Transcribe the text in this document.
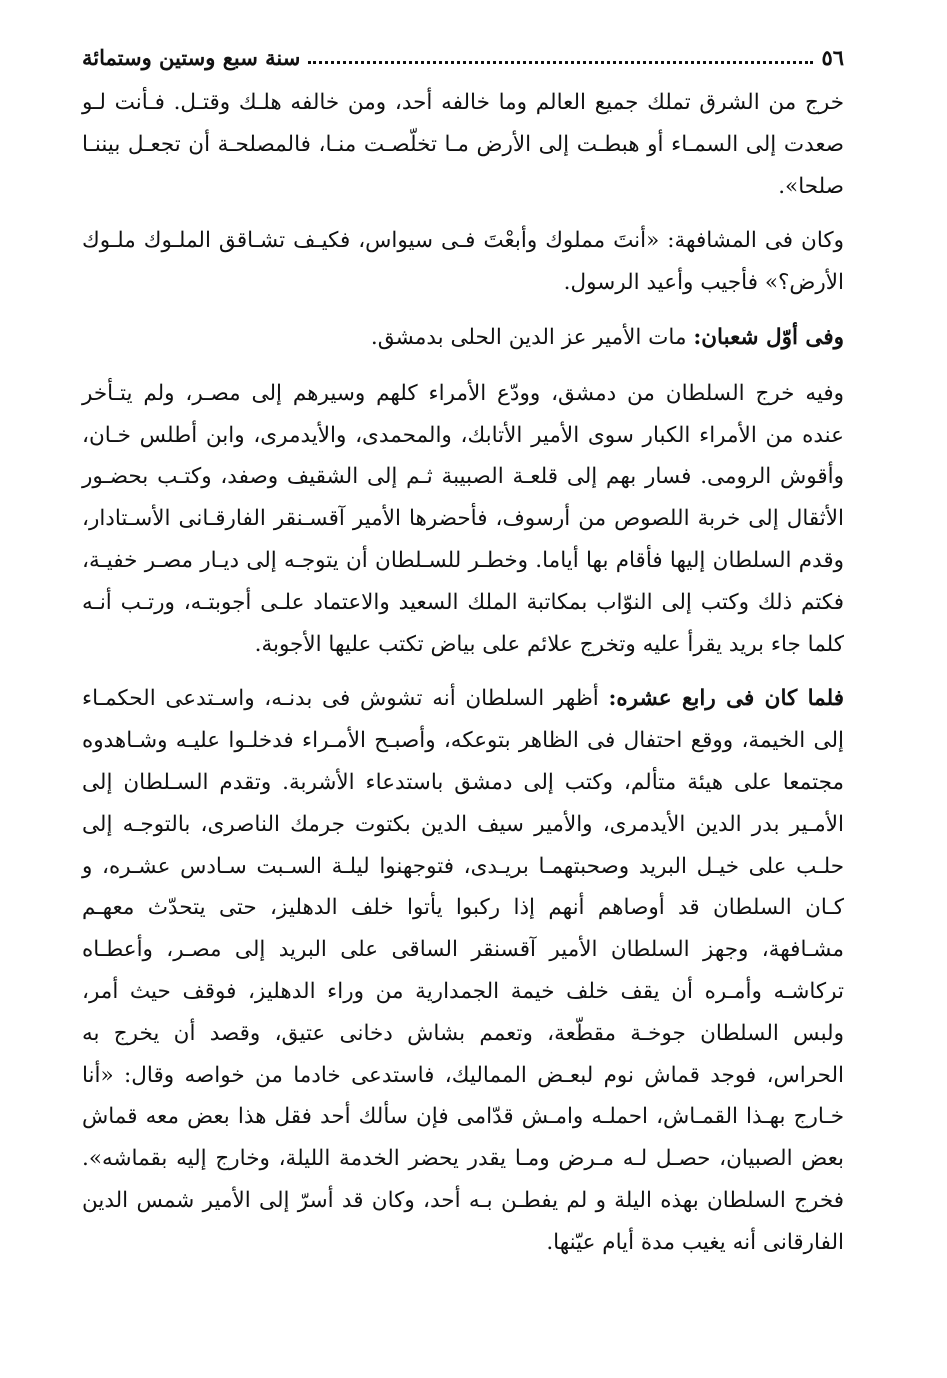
٥٦
سنة سبع وستين وستمائة

خرج من الشرق تملك جميع العالم وما خالفه أحد، ومن خالفه هلـك وقتـل. فـأنت لـو صعدت إلى السمـاء أو هبطـت إلى الأرض مـا تخلّصـت منـا، فالمصلحـة أن تجعـل بيننـا صلحا».

وكان فى المشافهة: «أنتَ مملوك وأبعْتَ فـى سيواس، فكيـف تشـاقق الملـوك ملـوك الأرض؟» فأجيب وأعيد الرسول.

وفى أوّل شعبان: مات الأمير عز الدين الحلى بدمشق.

وفيه خرج السلطان من دمشق، وودّع الأمراء كلهم وسيرهم إلى مصـر، ولم يتـأخر عنده من الأمراء الكبار سوى الأمير الأتابك، والمحمدى، والأيدمرى، وابن أطلس خـان، وأقوش الرومى. فسار بهم إلى قلعـة الصبيبة ثـم إلى الشقيف وصفد، وكتـب بحضـور الأثقال إلى خربة اللصوص من أرسوف، فأحضرها الأمير آقسـنقر الفارقـانى الأسـتادار، وقدم السلطان إليها فأقام بها أياما. وخطـر للسـلطان أن يتوجـه إلى ديـار مصـر خفيـة، فكتم ذلك وكتب إلى النوّاب بمكاتبة الملك السعيد والاعتماد علـى أجوبتـه، ورتـب أنـه كلما جاء بريد يقرأ عليه وتخرج علائم على بياض تكتب عليها الأجوبة.

فلما كان فى رابع عشره: أظهر السلطان أنه تشوش فى بدنـه، واسـتدعى الحكمـاء إلى الخيمة، ووقع احتفال فى الظاهر بتوعكه، وأصبـح الأمـراء فدخلـوا عليـه وشـاهدوه مجتمعا على هيئة متألم، وكتب إلى دمشق باستدعاء الأشربة. وتقدم السـلطان إلى الأمـير بدر الدين الأيدمرى، والأمير سيف الدين بكتوت جرمك الناصرى، بالتوجـه إلى حلـب على خيـل البريد وصحبتهمـا بريـدى، فتوجهنوا ليلـة السـبت سـادس عشـره، و كـان السلطان قد أوصاهم أنهم إذا ركبوا يأتوا خلف الدهليز، حتى يتحدّث معهـم مشـافهة، وجهز السلطان الأمير آقسنقر الساقى على البريد إلى مصـر، وأعطـاه تركاشـه وأمـره أن يقف خلف خيمة الجمدارية من وراء الدهليز، فوقف حيث أمر، ولبس السلطان جوخـة مقطّعة، وتعمم بشاش دخانى عتيق، وقصد أن يخرج به الحراس، فوجد قماش نوم لبعـض المماليك، فاستدعى خادما من خواصه وقال: «أنا خـارج بهـذا القمـاش، احملـه وامـش قدّامى فإن سألك أحد فقل هذا بعض معه قماش بعض الصبيان، حصـل لـه مـرض ومـا يقدر يحضر الخدمة الليلة، وخارج إليه بقماشه». فخرج السلطان بهذه اليلة و لم يفطـن بـه أحد، وكان قد أسرّ إلى الأمير شمس الدين الفارقانى أنه يغيب مدة أيام عيّنها.
